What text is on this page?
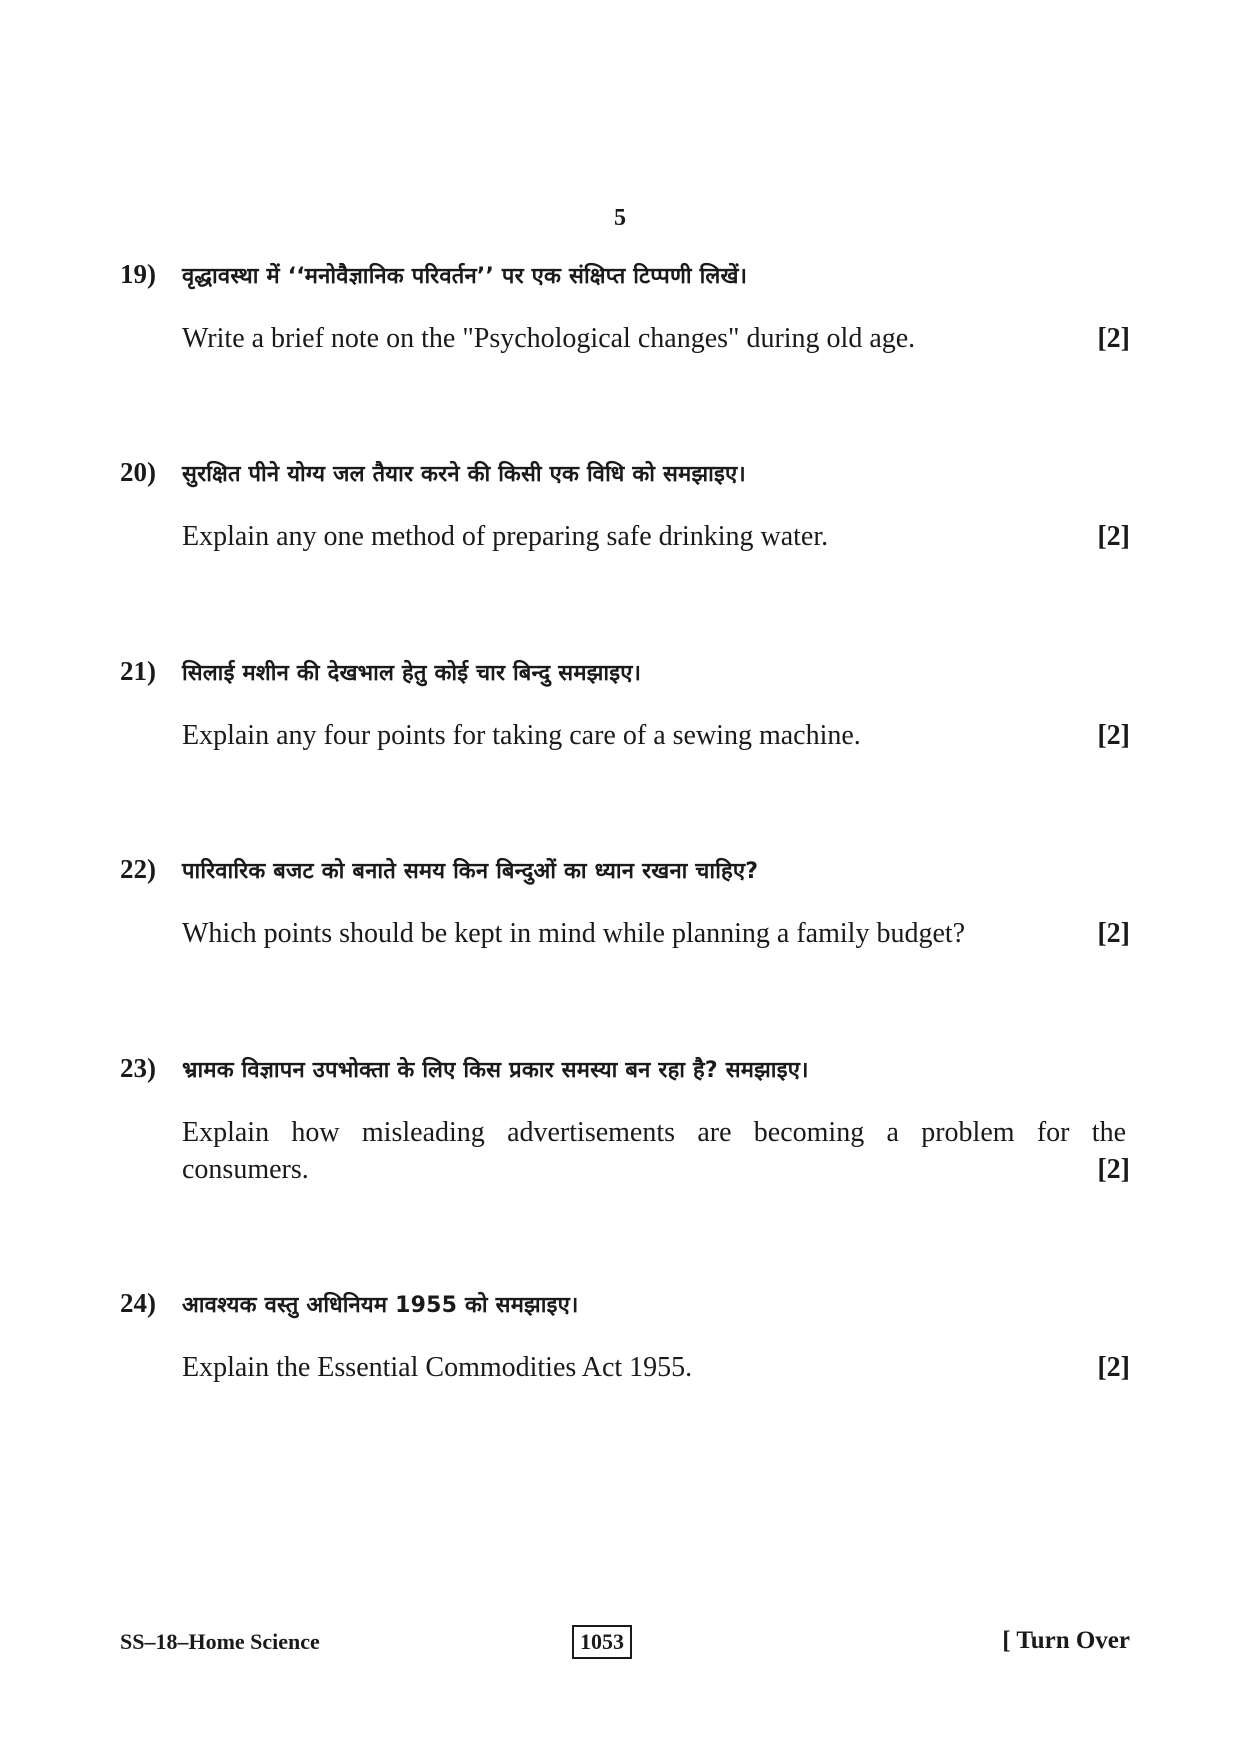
5
19)	वृद्धावस्था में ‘‘मनोवैज्ञानिक परिवर्तन’’ पर एक संक्षिप्त टिप्पणी लिखें।
Write a brief note on the "Psychological changes" during old age.	[2]
20)	सुरक्षित पीने योग्य जल तैयार करने की किसी एक विधि को समझाइए।
Explain any one method of preparing safe drinking water.	[2]
21)	सिलाई मशीन की देखभाल हेतु कोई चार बिन्दु समझाइए।
Explain any four points for taking care of a sewing machine.	[2]
22)	पारिवारिक बजट को बनाते समय किन बिन्दुओं का ध्यान रखना चाहिए?
Which points should be kept in mind while planning a family budget?	[2]
23)	भ्रामक विज्ञापन उपभोक्ता के लिए किस प्रकार समस्या बन रहा है? समझाइए।
Explain how misleading advertisements are becoming a problem for the consumers.	[2]
24)	आवश्यक वस्तु अधिनियम 1955 को समझाइए।
Explain the Essential Commodities Act 1955.	[2]
SS–18–Home Science	1053	[ Turn Over
